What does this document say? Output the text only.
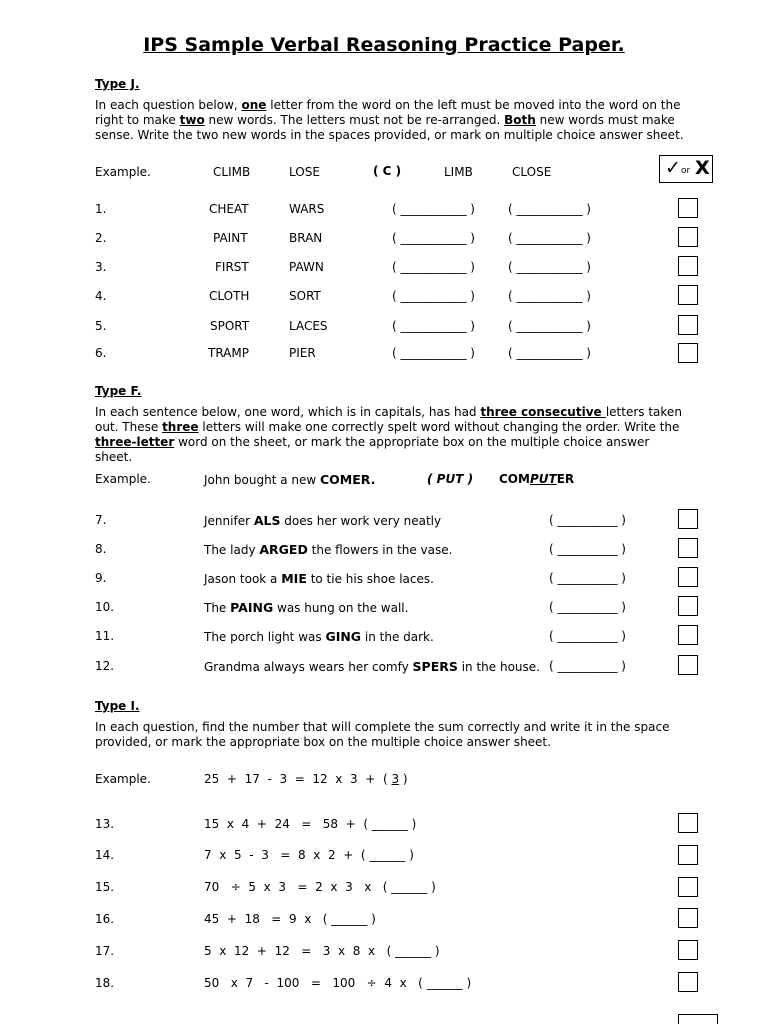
IPS Sample Verbal Reasoning Practice Paper.
Type J.
In each question below, one letter from the word on the left must be moved into the word on the
right to make two new words. The letters must not be re-arranged. Both new words must make
sense. Write the two new words in the spaces provided, or mark on multiple choice answer sheet.
Example.	CLIMB	LOSE	( C )	LIMB	CLOSE	✓ or X
1.	CHEAT	WARS	( ___________ )	( ___________ )
2.	PAINT	BRAN	( ___________ )	( ___________ )
3.	FIRST	PAWN	( ___________ )	( ___________ )
4.	CLOTH	SORT	( ___________ )	( ___________ )
5.	SPORT	LACES	( ___________ )	( ___________ )
6.	TRAMP	PIER	( ___________ )	( ___________ )
Type F.
In each sentence below, one word, which is in capitals, has had three consecutive letters taken
out. These three letters will make one correctly spelt word without changing the order. Write the
three-letter word on the sheet, or mark the appropriate box on the multiple choice answer sheet.
Example.	John bought a new COMER.	( PUT ) COMPUTER
7.	Jennifer ALS does her work very neatly	( __________ )
8.	The lady ARGED the flowers in the vase.	( __________ )
9.	Jason took a MIE to tie his shoe laces.	( __________ )
10.	The PAING was hung on the wall.	( __________ )
11.	The porch light was GING in the dark.	( __________ )
12.	Grandma always wears her comfy SPERS in the house. ( __________ )
Type I.
In each question, find the number that will complete the sum correctly and write it in the space
provided, or mark the appropriate box on the multiple choice answer sheet.
Example.	25  +  17  -  3  =  12  x  3  +  ( 3 )
13.	15  x  4  +  24   =   58  +  ( ______ )
14.	7  x  5  -  3   =  8  x  2  +  ( ______ )
15.	70   ÷  5  x  3   =  2  x  3   x   ( ______ )
16.	45  +  18   =  9  x   ( ______ )
17.	5  x  12  +  12   =   3  x  8  x   ( ______ )
18.	50   x  7   -  100   =   100   ÷  4  x   ( ______ )
